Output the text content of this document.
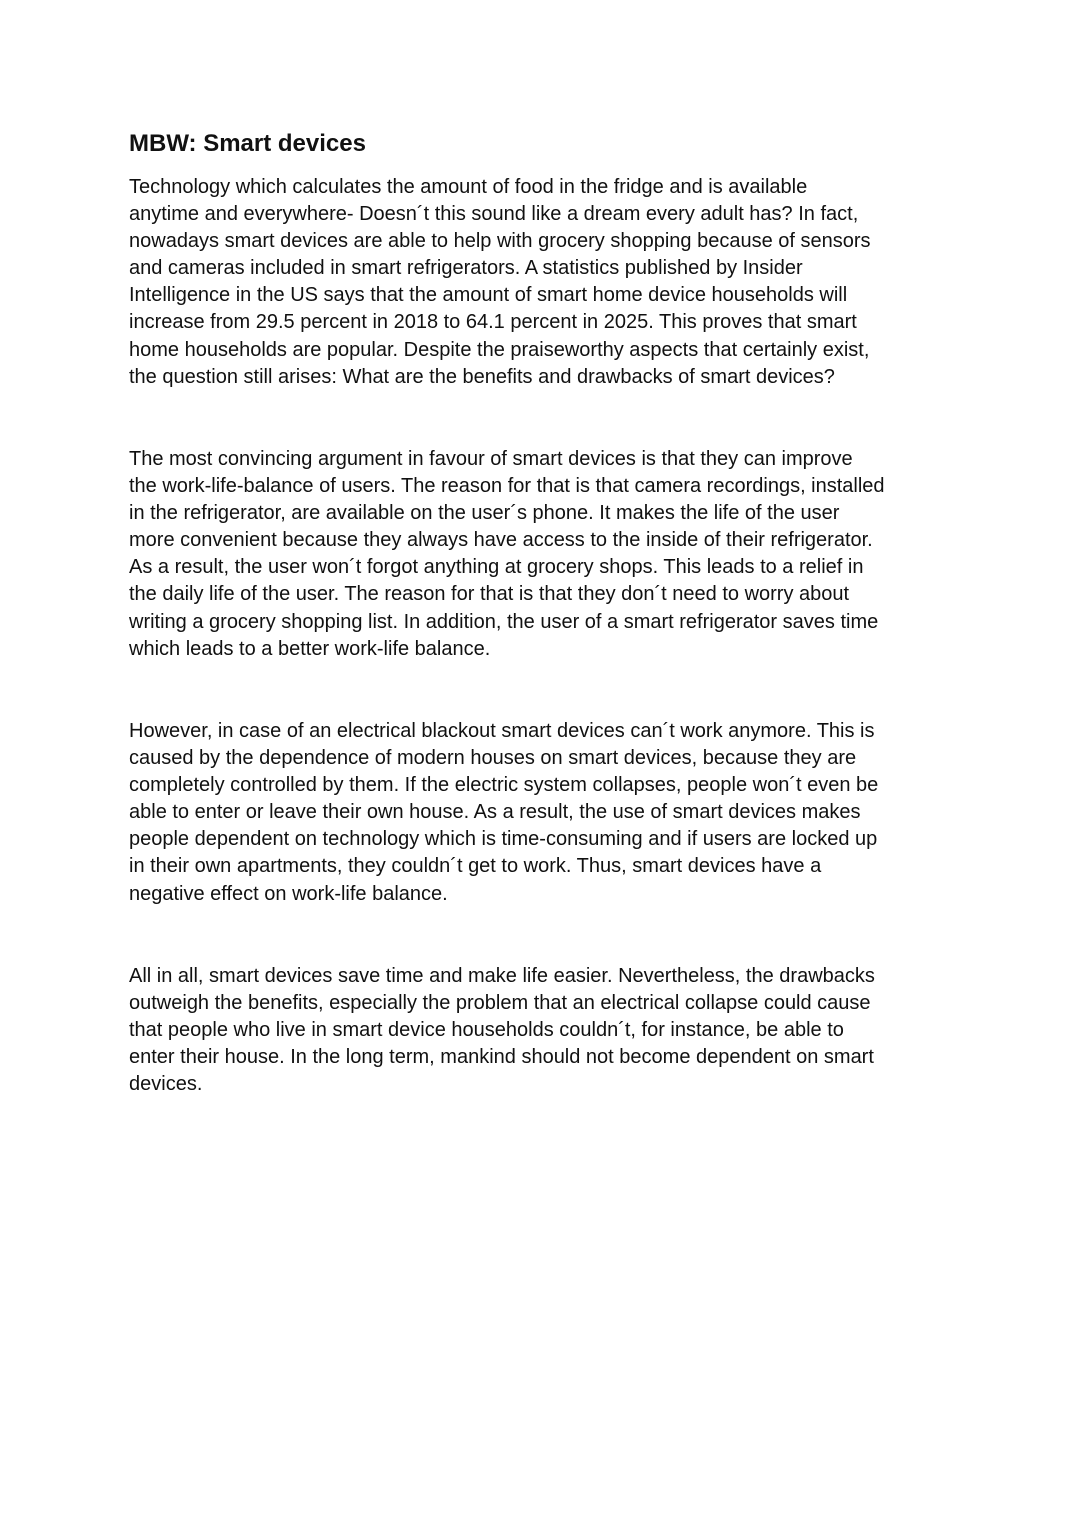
MBW: Smart devices

Technology which calculates the amount of food in the fridge and is available
anytime and everywhere- Doesn´t this sound like a dream every adult has? In fact,
nowadays smart devices are able to help with grocery shopping because of sensors
and cameras included in smart refrigerators. A statistics published by Insider
Intelligence in the US says that the amount of smart home device households will
increase from 29.5 percent in 2018 to 64.1 percent in 2025. This proves that smart
home households are popular. Despite the praiseworthy aspects that certainly exist,
the question still arises: What are the benefits and drawbacks of smart devices?

The most convincing argument in favour of smart devices is that they can improve
the work-life-balance of users. The reason for that is that camera recordings, installed
in the refrigerator, are available on the user´s phone. It makes the life of the user
more convenient because they always have access to the inside of their refrigerator.
As a result, the user won´t forgot anything at grocery shops. This leads to a relief in
the daily life of the user. The reason for that is that they don´t need to worry about
writing a grocery shopping list. In addition, the user of a smart refrigerator saves time
which leads to a better work-life balance.

However, in case of an electrical blackout smart devices can´t work anymore. This is
caused by the dependence of modern houses on smart devices, because they are
completely controlled by them. If the electric system collapses, people won´t even be
able to enter or leave their own house. As a result, the use of smart devices makes
people dependent on technology which is time-consuming and if users are locked up
in their own apartments, they couldn´t get to work. Thus, smart devices have a
negative effect on work-life balance.

All in all, smart devices save time and make life easier. Nevertheless, the drawbacks
outweigh the benefits, especially the problem that an electrical collapse could cause
that people who live in smart device households couldn´t, for instance, be able to
enter their house. In the long term, mankind should not become dependent on smart
devices.
